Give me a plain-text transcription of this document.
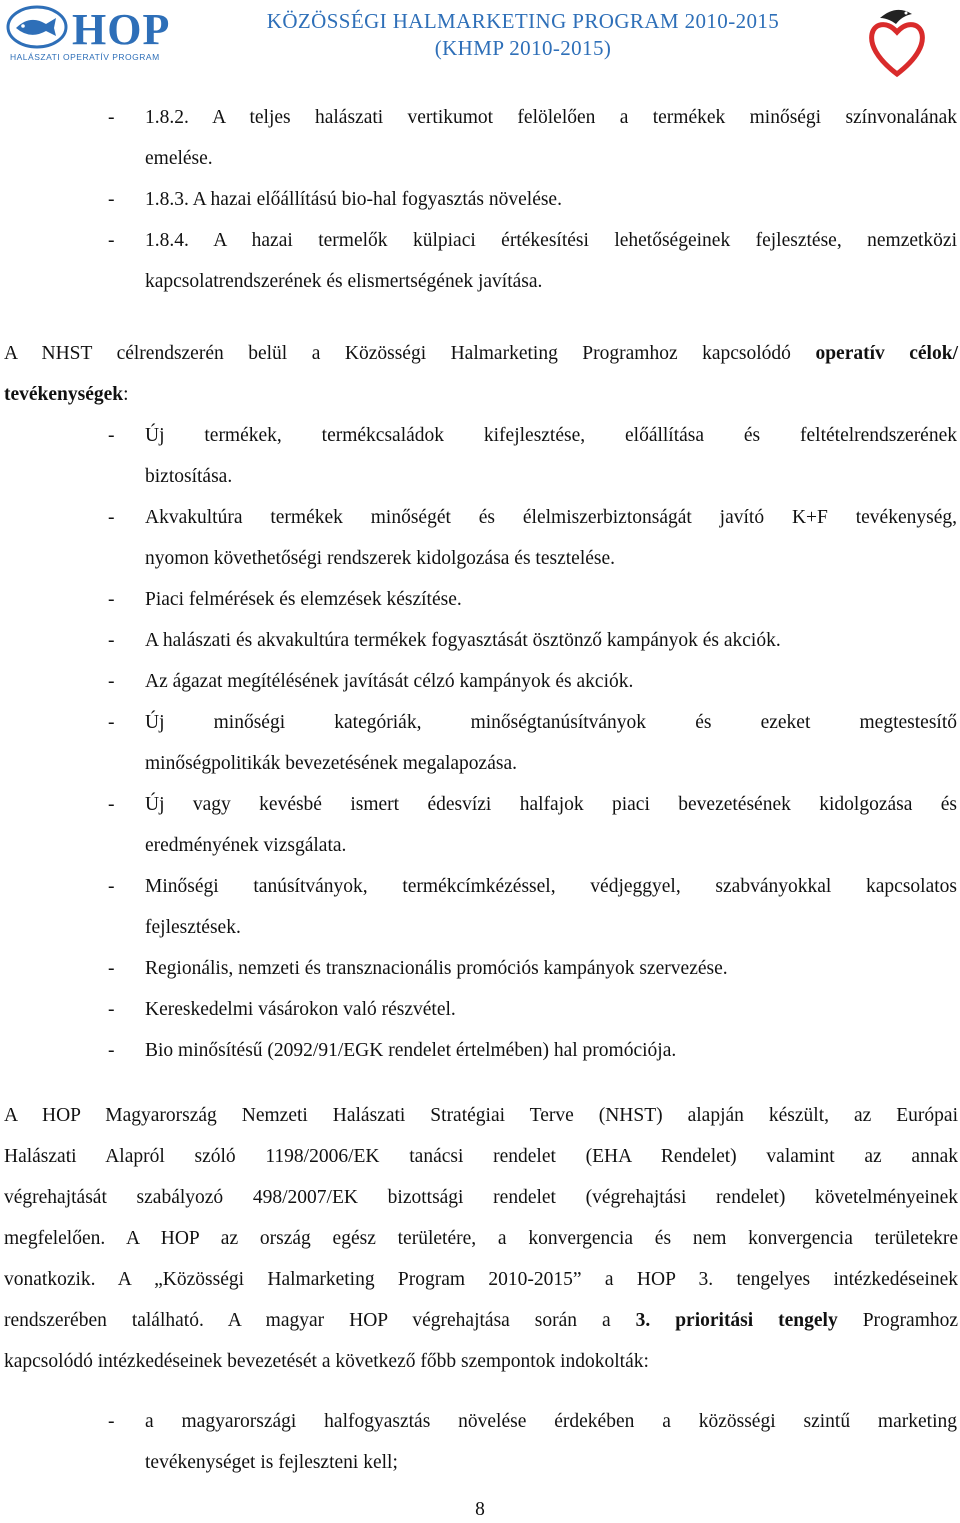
HOP
HALÁSZATI OPERATÍV PROGRAM
KÖZÖSSÉGI HALMARKETING PROGRAM 2010-2015
(KHMP 2010-2015)
- 1.8.2. A teljes halászati vertikumot felölelően a termékek minőségi színvonalának
emelése.
- 1.8.3. A hazai előállítású bio-hal fogyasztás növelése.
- 1.8.4. A hazai termelők külpiaci értékesítési lehetőségeinek fejlesztése, nemzetközi
kapcsolatrendszerének és elismertségének javítása.
A NHST célrendszerén belül a Közösségi Halmarketing Programhoz kapcsolódó operatív célok/
tevékenységek:
- Új termékek, termékcsaládok kifejlesztése, előállítása és feltételrendszerének
biztosítása.
- Akvakultúra termékek minőségét és élelmiszerbiztonságát javító K+F tevékenység,
nyomon követhetőségi rendszerek kidolgozása és tesztelése.
- Piaci felmérések és elemzések készítése.
- A halászati és akvakultúra termékek fogyasztását ösztönző kampányok és akciók.
- Az ágazat megítélésének javítását célzó kampányok és akciók.
- Új minőségi kategóriák, minőségtanúsítványok és ezeket megtestesítő
minőségpolitikák bevezetésének megalapozása.
- Új vagy kevésbé ismert édesvízi halfajok piaci bevezetésének kidolgozása és
eredményének vizsgálata.
- Minőségi tanúsítványok, termékcímkézéssel, védjeggyel, szabványokkal kapcsolatos
fejlesztések.
- Regionális, nemzeti és transznacionális promóciós kampányok szervezése.
- Kereskedelmi vásárokon való részvétel.
- Bio minősítésű (2092/91/EGK rendelet értelmében) hal promóciója.
A HOP Magyarország Nemzeti Halászati Stratégiai Terve (NHST) alapján készült, az Európai
Halászati Alapról szóló 1198/2006/EK tanácsi rendelet (EHA Rendelet) valamint az annak
végrehajtását szabályozó 498/2007/EK bizottsági rendelet (végrehajtási rendelet) követelményeinek
megfelelően. A HOP az ország egész területére, a konvergencia és nem konvergencia területekre
vonatkozik. A „Közösségi Halmarketing Program 2010-2015” a HOP 3. tengelyes intézkedéseinek
rendszerében található. A magyar HOP végrehajtása során a 3. prioritási tengely Programhoz
kapcsolódó intézkedéseinek bevezetését a következő főbb szempontok indokolták:
- a magyarországi halfogyasztás növelése érdekében a közösségi szintű marketing
tevékenységet is fejleszteni kell;
8
